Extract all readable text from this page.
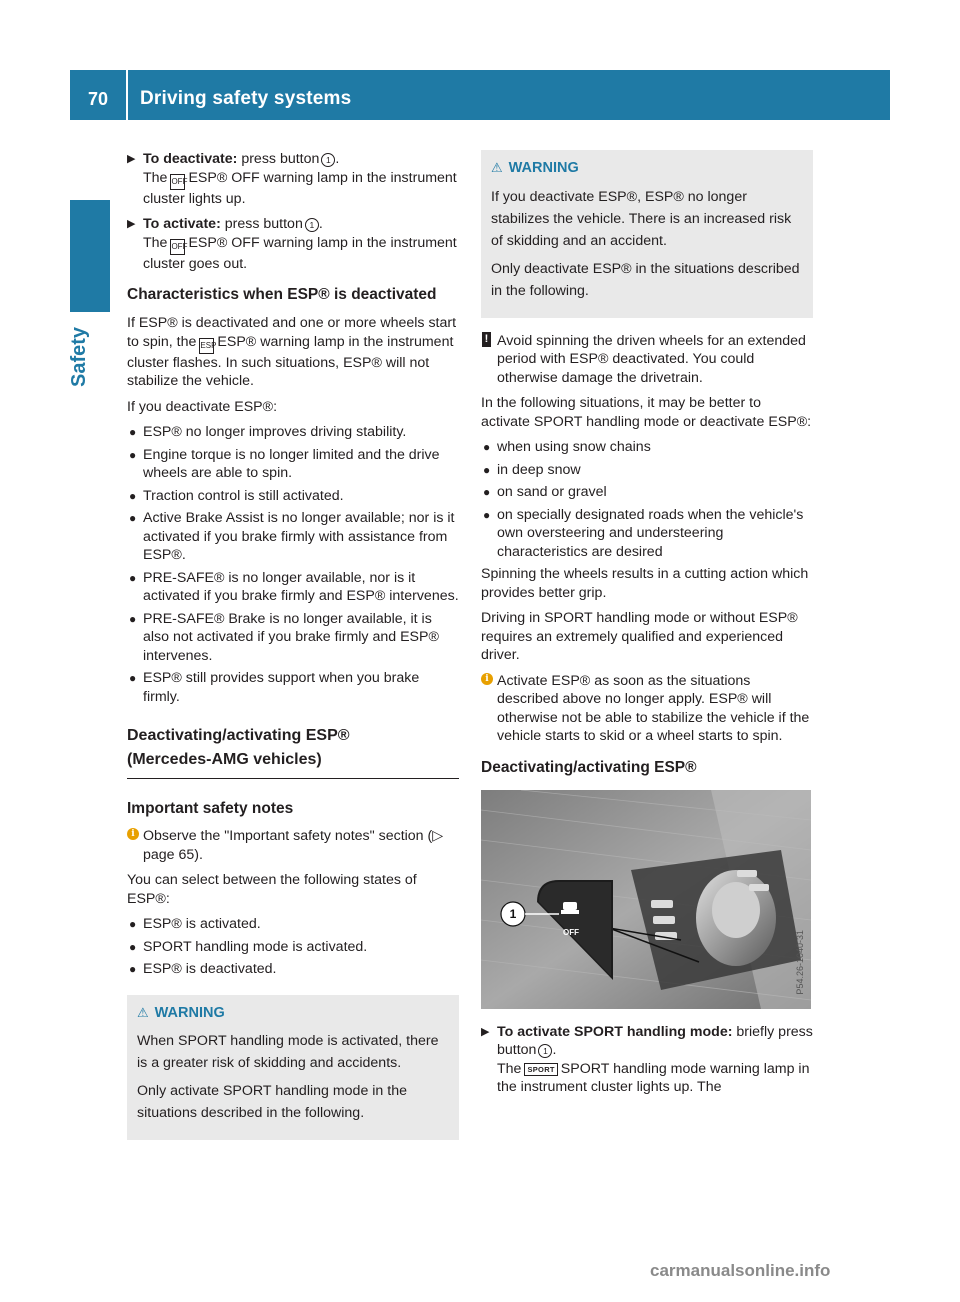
70	Driving safety systems
Safety
▶ To deactivate: press button 1 .
The OFFESP® OFF warning lamp in the instrument cluster lights up.
▶ To activate: press button 1 .
The OFFESP® OFF warning lamp in the instrument cluster goes out.
Characteristics when ESP® is deactivated

If ESP® is deactivated and one or more wheels start to spin, the ESPESP® warning lamp in the instrument cluster flashes. In such situations, ESP® will not stabilize the vehicle.

If you deactivate ESP®:

● ESP® no longer improves driving stability.
● Engine torque is no longer limited and the drive wheels are able to spin.
● Traction control is still activated.
● Active Brake Assist is no longer available; nor is it activated if you brake firmly with assistance from ESP®.
● PRE-SAFE® is no longer available, nor is it activated if you brake firmly and ESP® intervenes.
● PRE-SAFE® Brake is no longer available, it is also not activated if you brake firmly and ESP® intervenes.
● ESP® still provides support when you brake firmly.
Deactivating/activating ESP®
(Mercedes-AMG vehicles)
Important safety notes
i Observe the "Important safety notes" section (▷ page 65).

You can select between the following states of ESP®:

● ESP® is activated.
● SPORT handling mode is activated.
● ESP® is deactivated.
⚠ WARNING

When SPORT handling mode is activated, there is a greater risk of skidding and accidents.

Only activate SPORT handling mode in the situations described in the following.

⚠ WARNING

If you deactivate ESP®, ESP® no longer stabilizes the vehicle. There is an increased risk of skidding and an accident.

Only deactivate ESP® in the situations described in the following.

! Avoid spinning the driven wheels for an extended period with ESP® deactivated. You could otherwise damage the drivetrain.

In the following situations, it may be better to activate SPORT handling mode or deactivate ESP®:

● when using snow chains
● in deep snow
● on sand or gravel
● on specially designated roads when the vehicle's own oversteering and understeering characteristics are desired

Spinning the wheels results in a cutting action which provides better grip.

Driving in SPORT handling mode or without ESP® requires an extremely qualified and experienced driver.

i Activate ESP® as soon as the situations described above no longer apply. ESP® will otherwise not be able to stabilize the vehicle if the vehicle starts to skid or a wheel starts to spin.
Deactivating/activating ESP®
1
OFF	P54.26-1040-31
▶ To activate SPORT handling mode: briefly press button 1 .
The SPORT SPORT handling mode warning lamp in the instrument cluster lights up. The
carmanualsonline.info
